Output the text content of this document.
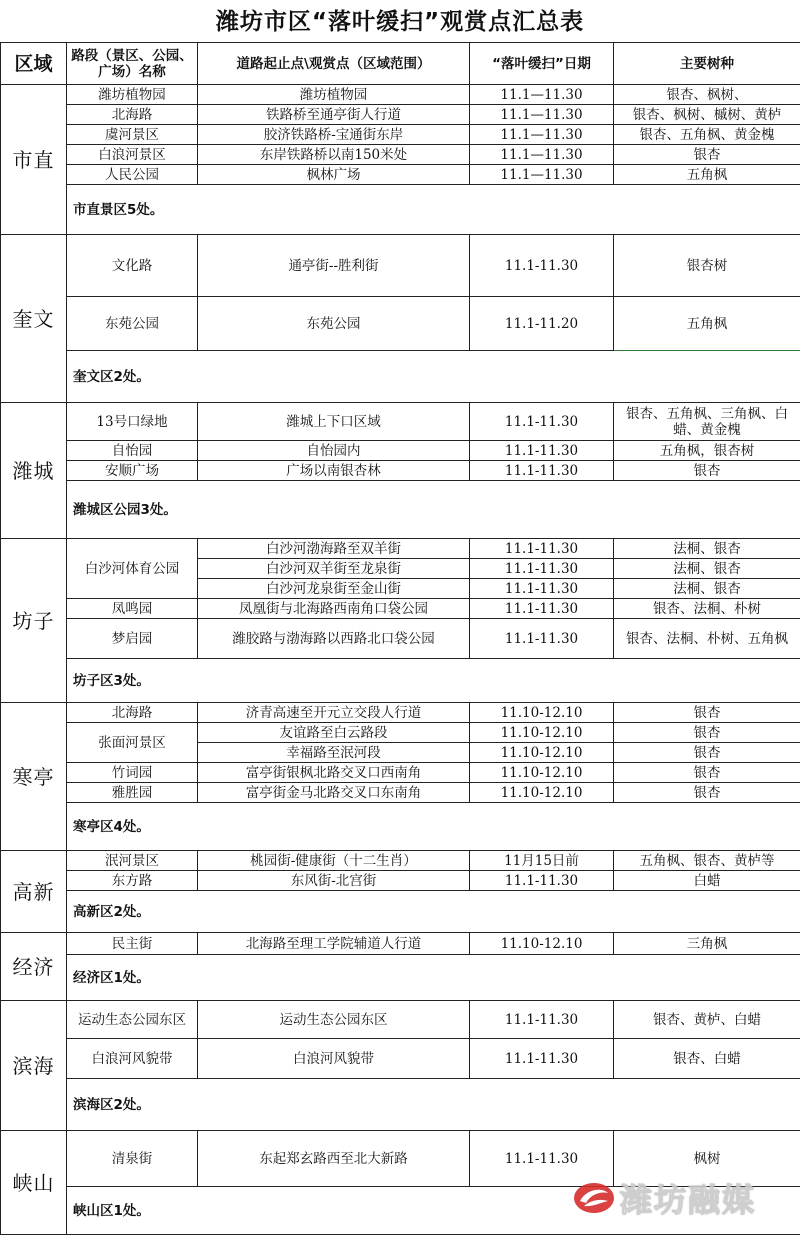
潍坊市区“落叶缓扫”观赏点汇总表
区域	路段（景区、公园、广场）名称	道路起止点\观赏点（区域范围）	“落叶缓扫”日期	主要树种
市直	潍坊植物园	潍坊植物园	11.1—11.30	银杏、枫树、
	北海路	铁路桥至通亭街人行道	11.1—11.30	银杏、枫树、槭树、黄栌
	虞河景区	胶济铁路桥-宝通街东岸	11.1—11.30	银杏、五角枫、黄金槐
	白浪河景区	东岸铁路桥以南150米处	11.1—11.30	银杏
	人民公园	枫林广场	11.1—11.30	五角枫
	市直景区5处。			
奎文	文化路	通亭街--胜利街	11.1-11.30	银杏树
	东苑公园	东苑公园	11.1-11.20	五角枫
	奎文区2处。			
潍城	13号口绿地	潍城上下口区域	11.1-11.30	银杏、五角枫、三角枫、白蜡、黄金槐
	自怡园	自怡园内	11.1-11.30	五角枫，银杏树
	安顺广场	广场以南银杏林	11.1-11.30	银杏
	潍城区公园3处。			
坊子	白沙河体育公园	白沙河渤海路至双羊街	11.1-11.30	法桐、银杏
		白沙河双羊街至龙泉街	11.1-11.30	法桐、银杏
		白沙河龙泉街至金山街	11.1-11.30	法桐、银杏
	凤鸣园	凤凰街与北海路西南角口袋公园	11.1-11.30	银杏、法桐、朴树
	梦启园	潍胶路与渤海路以西路北口袋公园	11.1-11.30	银杏、法桐、朴树、五角枫
	坊子区3处。			
寒亭	北海路	济青高速至开元立交段人行道	11.10-12.10	银杏
	张面河景区	友谊路至白云路段	11.10-12.10	银杏
		幸福路至泯河段	11.10-12.10	银杏
	竹词园	富亭街银枫北路交叉口西南角	11.10-12.10	银杏
	雅胜园	富亭街金马北路交叉口东南角	11.10-12.10	银杏
	寒亭区4处。			
高新	泯河景区	桃园街-健康街（十二生肖）	11月15日前	五角枫、银杏、黄栌等
	东方路	东风街-北宫街	11.1-11.30	白蜡
	高新区2处。			
经济	民主街	北海路至理工学院辅道人行道	11.10-12.10	三角枫
	经济区1处。			
滨海	运动生态公园东区	运动生态公园东区	11.1-11.30	银杏、黄栌、白蜡
	白浪河风貌带	白浪河风貌带	11.1-11.30	银杏、白蜡
	滨海区2处。			
峡山	清泉街	东起郑玄路西至北大新路	11.1-11.30	枫树
	峡山区1处。				潍坊融媒
